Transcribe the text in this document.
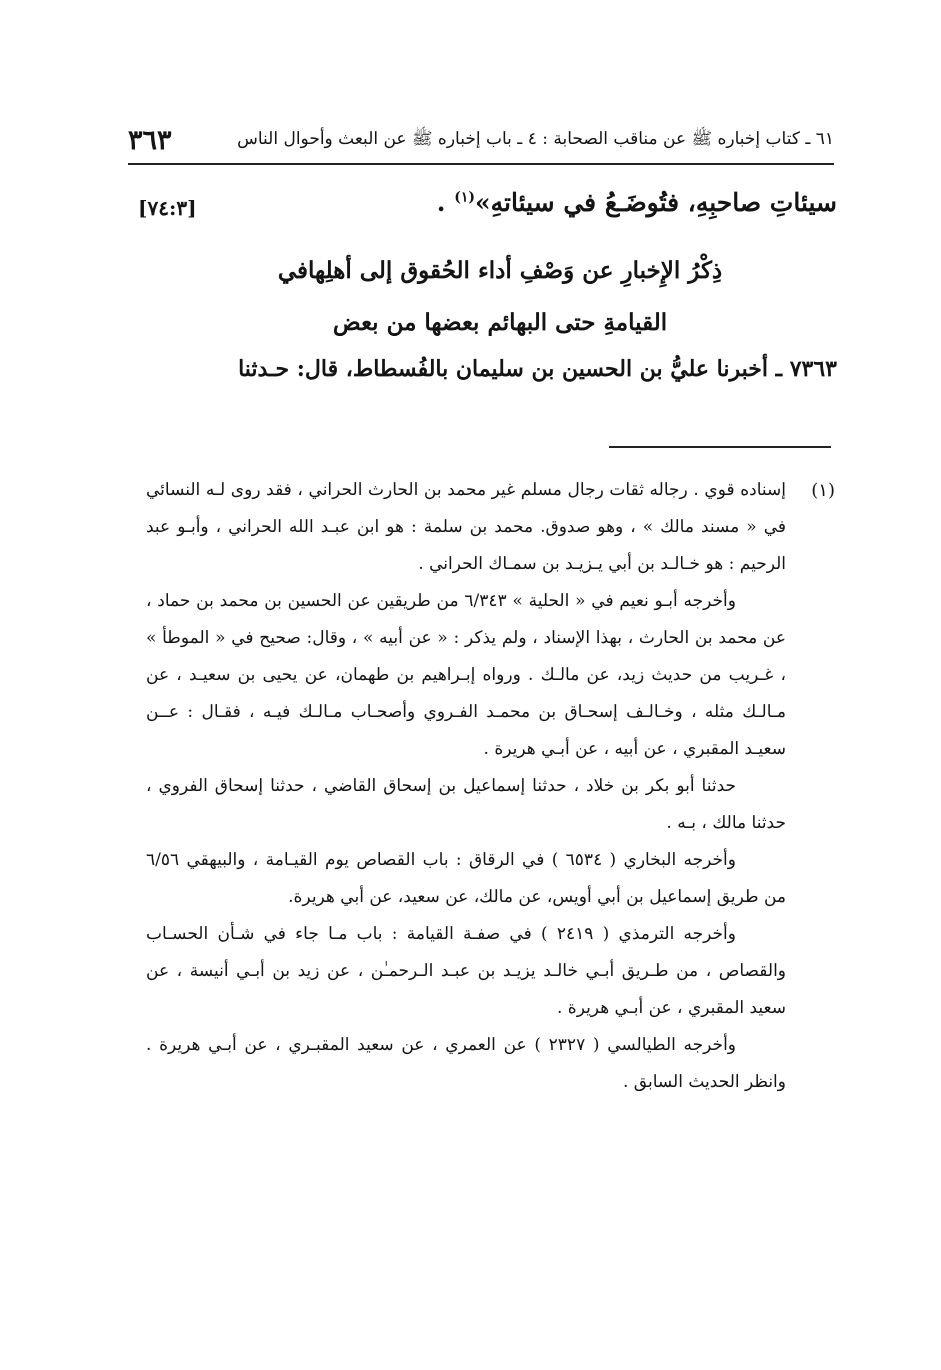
٦١ ـ كتاب إخباره ﷺ عن مناقب الصحابة : ٤ ـ باب إخباره ﷺ عن البعث وأحوال الناس
٣٦٣
سيئاتِ صاحبِهِ، فتُوضَـعُ في سيئاتهِ»$^{(١)}$ .
[٧٤:٣]
ذِكْرُ الإِخبارِ عن وَصْفِ أداء الحُقوق إلى أهلِهافي
القيامةِ حتى البهائم بعضها من بعض
٧٣٦٣ ـ أخبرنا عليُّ بن الحسين بن سليمان بالفُسطاط، قال: حـدثنا
(١)

إسناده قوي . رجاله ثقات رجال مسلم غير محمد بن الحارث الحراني ، فقد روى لـه النسائي في « مسند مالك » ، وهو صدوق. محمد بن سلمة : هو ابن عبـد الله الحراني ، وأبـو عبد الرحيم : هو خـالـد بن أبي يـزيـد بن سمـاك الحراني .

وأخرجه أبـو نعيم في « الحلية » ٦/٣٤٣ من طريقين عن الحسين بن محمد بن حماد ، عن محمد بن الحارث ، بهذا الإسناد ، ولم يذكر : « عن أبيه » ، وقال: صحيح في « الموطأ » ، غـريب من حديث زيد، عن مالـك . ورواه إبـراهيم بن طهمان، عن يحيى بن سعيـد ، عن مـالـك مثله ، وخـالـف إسحـاق بن محمـد الفـروي وأصحـاب مـالـك فيـه ، فقـال : عــن سعيـد المقبري ، عن أبيه ، عن أبـي هريرة .

حدثنا أبو بكر بن خلاد ، حدثنا إسماعيل بن إسحاق القاضي ، حدثنا إسحاق الفروي ، حدثنا مالك ، بـه .

وأخرجه البخاري ( ٦٥٣٤ ) في الرقاق : باب القصاص يوم القيـامة ، والبيهقي ٦/٥٦ من طريق إسماعيل بن أبي أويس، عن مالك، عن سعيد، عن أبي هريرة.

وأخرجه الترمذي ( ٢٤١٩ ) في صفـة القيامة : باب مـا جاء في شـأن الحسـاب والقصاص ، من طـريق أبـي خالـد يزيـد بن عبـد الـرحمـٰن ، عن زيد بن أبـي أنيسة ، عن سعيد المقبري ، عن أبـي هريرة .

وأخرجه الطيالسي ( ٢٣٢٧ ) عن العمري ، عن سعيد المقبـري ، عن أبـي هريرة . وانظر الحديث السابق .
